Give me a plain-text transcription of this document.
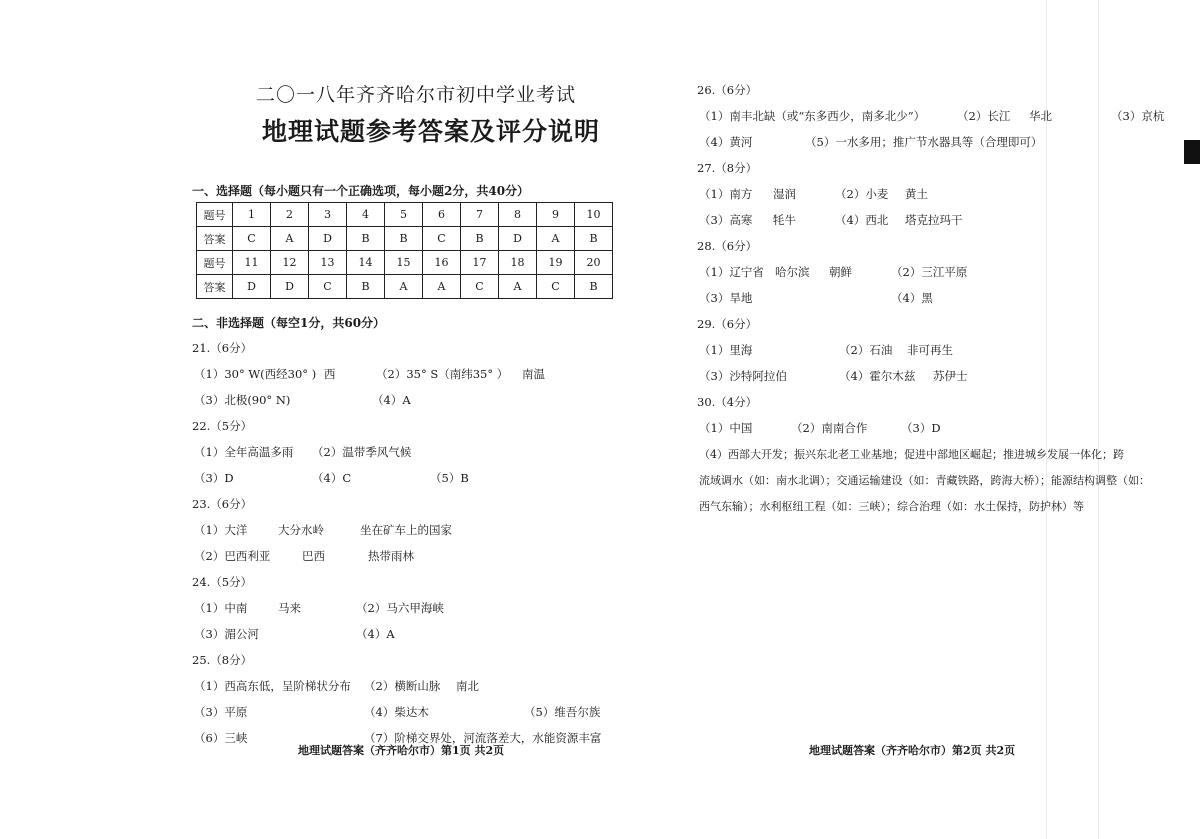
二〇一八年齐齐哈尔市初中学业考试
地理试题参考答案及评分说明
一、选择题（每小题只有一个正确选项，每小题2分，共40分）
题号	1	2	3	4	5	6	7	8	9	10
答案	C	A	D	B	B	C	B	D	A	B
题号	11	12	13	14	15	16	17	18	19	20
答案	D	D	C	B	A	A	C	A	C	B
二、非选择题（每空1分，共60分）
21.（6分）
（1）30° W(西经30° ) 西	（2）35° S（南纬35° ） 南温
（3）北极(90° N)	（4）A
22.（5分）
（1）全年高温多雨 （2）温带季风气候
（3）D	（4）C	（5）B
23.（6分）
（1）大洋	大分水岭	坐在矿车上的国家
（2）巴西利亚	巴西	热带雨林
24.（5分）
（1）中南	马来	（2）马六甲海峡
（3）湄公河	（4）A
25.（8分）
（1）西高东低，呈阶梯状分布 （2）横断山脉 南北
（3）平原	（4）柴达木	（5）维吾尔族
（6）三峡	（7）阶梯交界处，河流落差大，水能资源丰富
地理试题答案（齐齐哈尔市）第1页 共2页
26.（6分）
（1）南丰北缺（或“东多西少，南多北少”）	（2）长江 华北	（3）京杭
（4）黄河	（5）一水多用；推广节水器具等（合理即可）
27.（8分）
（1）南方 湿润	（2）小麦 黄土
（3）高寒 牦牛	（4）西北 塔克拉玛干
28.（6分）
（1）辽宁省 哈尔滨 朝鲜	（2）三江平原
（3）旱地	（4）黑
29.（6分）
（1）里海	（2）石油 非可再生
（3）沙特阿拉伯	（4）霍尔木兹 苏伊士
30.（4分）
（1）中国	（2）南南合作	（3）D
（4）西部大开发；振兴东北老工业基地；促进中部地区崛起；推进城乡发展一体化；跨
流域调水（如：南水北调）；交通运输建设（如：青藏铁路，跨海大桥）；能源结构调整（如：
西气东输）；水利枢纽工程（如：三峡）；综合治理（如：水土保持，防护林）等
地理试题答案（齐齐哈尔市）第2页 共2页
